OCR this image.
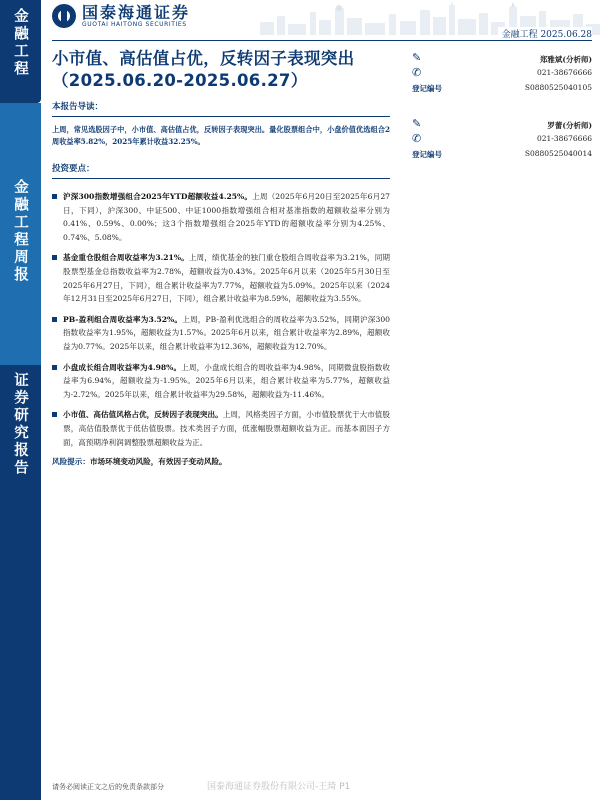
金融工程
金融工程周报
证券研究报告
国泰海通证券
GUOTAI HAITONG SECURITIES
金融工程 2025.06.28
小市值、高估值占优，反转因子表现突出
（2025.06.20-2025.06.27）
✎
✆
郑雅斌(分析师)
021-38676666
登记编号	S0880525040105
✎
✆
罗蕾(分析师)
021-38676666
登记编号	S0880525040014
本报告导读：
上周，常见选股因子中，小市值、高估值占优，反转因子表现突出。量化股票组合中，小盘价值优选组合2周收益率5.82%，2025年累计收益32.25%。
投资要点：
沪深300指数增强组合2025年YTD超额收益4.25%。上周（2025年6月20日至2025年6月27日，下同），沪深300、中证500、中证1000指数增强组合相对基准指数的超额收益率分别为0.41%、0.59%、0.00%；这3个指数增强组合2025年YTD的超额收益率分别为4.25%、0.74%、5.08%。
基金重仓股组合周收益率为3.21%。上周，绩优基金的独门重仓股组合周收益率为3.21%，同期股票型基金总指数收益率为2.78%，超额收益为0.43%。2025年6月以来（2025年5月30日至2025年6月27日，下同），组合累计收益率为7.77%，超额收益为5.09%。2025年以来（2024年12月31日至2025年6月27日，下同），组合累计收益率为8.59%，超额收益为3.55%。
PB-盈利组合周收益率为3.52%。上周，PB-盈利优选组合的周收益率为3.52%，同期沪深300指数收益率为1.95%，超额收益为1.57%。2025年6月以来，组合累计收益率为2.89%，超额收益为0.77%。2025年以来，组合累计收益率为12.36%，超额收益为12.70%。
小盘成长组合周收益率为4.98%。上周，小盘成长组合的周收益率为4.98%，同期微盘股指数收益率为6.94%，超额收益为-1.95%。2025年6月以来，组合累计收益率为5.77%，超额收益为-2.72%。2025年以来，组合累计收益率为29.58%，超额收益为-11.46%。
小市值、高估值风格占优，反转因子表现突出。上周，风格类因子方面，小市值股票优于大市值股票，高估值股票优于低估值股票。技术类因子方面，低涨幅股票超额收益为正。而基本面因子方面，高预期净利润调整股票超额收益为正。
风险提示：市场环境变动风险，有效因子变动风险。
请务必阅读正文之后的免责条款部分	国泰海通证券股份有限公司-王琦 P1
